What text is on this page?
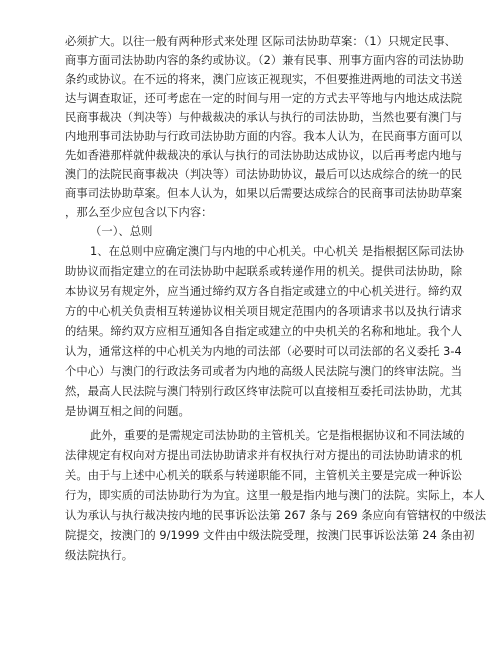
必须扩大。以往一般有两种形式来处理 区际司法协助草案：（1）只规定民事、
商事方面司法协助内容的条约或协议。（2）兼有民事、刑事方面内容的司法协助
条约或协议。在不远的将来，澳门应该正视现实，不但要推进两地的司法文书送
达与调查取证，还可考虑在一定的时间与用一定的方式去平等地与内地达成法院
民商事裁决（判决等）与仲裁裁决的承认与执行的司法协助，当然也要有澳门与
内地刑事司法协助与行政司法协助方面的内容。我本人认为，在民商事方面可以
先如香港那样就仲裁裁决的承认与执行的司法协助达成协议，以后再考虑内地与
澳门的法院民商事裁决（判决等）司法协助协议，最后可以达成综合的统一的民
商事司法协助草案。但本人认为，如果以后需要达成综合的民商事司法协助草案
，那么至少应包含以下内容：
（一）、总则
1、在总则中应确定澳门与内地的中心机关。中心机关 是指根据区际司法协
助协议而指定建立的在司法协助中起联系或转递作用的机关。提供司法协助，除
本协议另有规定外，应当通过缔约双方各自指定或建立的中心机关进行。缔约双
方的中心机关负责相互转递协议相关项目规定范围内的各项请求书以及执行请求
的结果。缔约双方应相互通知各自指定或建立的中央机关的名称和地址。我个人
认为，通常这样的中心机关为内地的司法部（必要时可以司法部的名义委托 3-4
个中心）与澳门的行政法务司或者为内地的高级人民法院与澳门的终审法院。当
然，最高人民法院与澳门特别行政区终审法院可以直接相互委托司法协助，尤其
是协调互相之间的问题。
此外，重要的是需规定司法协助的主管机关。它是指根据协议和不同法域的
法律规定有权向对方提出司法协助请求并有权执行对方提出的司法协助请求的机
关。由于与上述中心机关的联系与转递职能不同，主管机关主要是完成一种诉讼
行为，即实质的司法协助行为为宜。这里一般是指内地与澳门的法院。实际上，本人
认为承认与执行裁决按内地的民事诉讼法第 267 条与 269 条应向有管辖权的中级法
院提交，按澳门的 9/1999 文件由中级法院受理，按澳门民事诉讼法第 24 条由初
级法院执行。
